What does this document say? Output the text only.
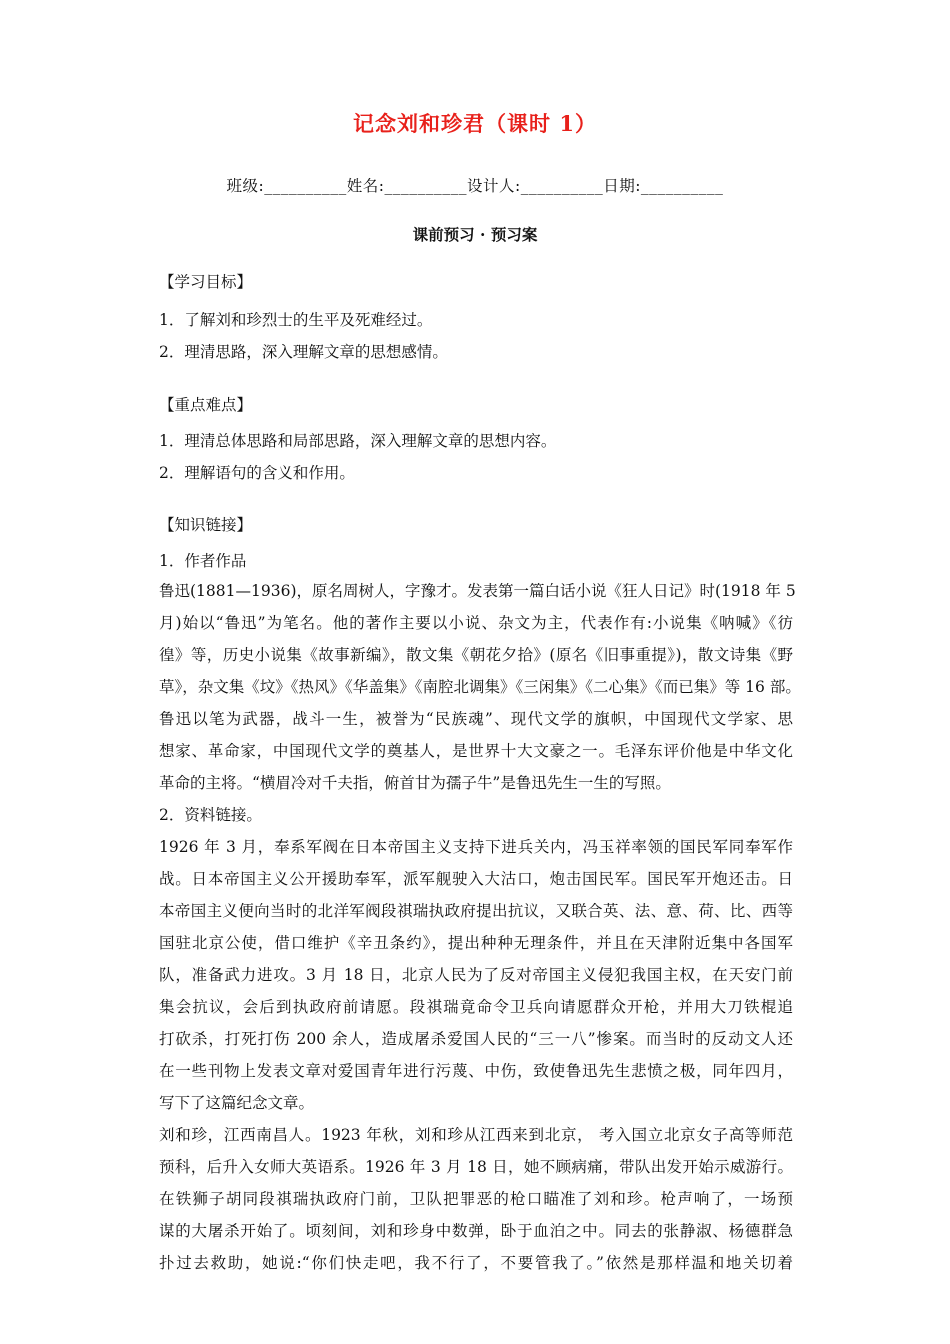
记念刘和珍君（课时 1）
班级:__________姓名:__________设计人:__________日期:__________
课前预习 · 预习案
【学习目标】
1．了解刘和珍烈士的生平及死难经过。
2．理清思路，深入理解文章的思想感情。
【重点难点】
1．理清总体思路和局部思路，深入理解文章的思想内容。
2．理解语句的含义和作用。
【知识链接】
1．作者作品
鲁迅(1881—1936)，原名周树人，字豫才。发表第一篇白话小说《狂人日记》时(1918 年 5
月)始以“鲁迅”为笔名。他的著作主要以小说、杂文为主，代表作有:小说集《呐喊》《彷
徨》等，历史小说集《故事新编》，散文集《朝花夕拾》(原名《旧事重提》)，散文诗集《野
草》，杂文集《坟》《热风》《华盖集》《南腔北调集》《三闲集》《二心集》《而已集》等 16 部。
鲁迅以笔为武器，战斗一生，被誉为“民族魂”、现代文学的旗帜，中国现代文学家、思
想家、革命家，中国现代文学的奠基人，是世界十大文豪之一。毛泽东评价他是中华文化
革命的主将。“横眉冷对千夫指，俯首甘为孺子牛”是鲁迅先生一生的写照。
2．资料链接。
1926 年 3 月，奉系军阀在日本帝国主义支持下进兵关内，冯玉祥率领的国民军同奉军作
战。日本帝国主义公开援助奉军，派军舰驶入大沽口，炮击国民军。国民军开炮还击。日
本帝国主义便向当时的北洋军阀段祺瑞执政府提出抗议，又联合英、法、意、荷、比、西等
国驻北京公使，借口维护《辛丑条约》，提出种种无理条件，并且在天津附近集中各国军
队，准备武力进攻。3 月 18 日，北京人民为了反对帝国主义侵犯我国主权，在天安门前
集会抗议，会后到执政府前请愿。段祺瑞竟命令卫兵向请愿群众开枪，并用大刀铁棍追
打砍杀，打死打伤 200 余人，造成屠杀爱国人民的“三一八”惨案。而当时的反动文人还
在一些刊物上发表文章对爱国青年进行污蔑、中伤，致使鲁迅先生悲愤之极，同年四月，
写下了这篇纪念文章。
刘和珍，江西南昌人。1923 年秋，刘和珍从江西来到北京， 考入国立北京女子高等师范
预科，后升入女师大英语系。1926 年 3 月 18 日，她不顾病痛，带队出发开始示威游行。
在铁狮子胡同段祺瑞执政府门前，卫队把罪恶的枪口瞄准了刘和珍。枪声响了，一场预
谋的大屠杀开始了。顷刻间，刘和珍身中数弹，卧于血泊之中。同去的张静淑、杨德群急
扑过去救助，她说:“你们快走吧，我不行了，不要管我了。”依然是那样温和地关切着
